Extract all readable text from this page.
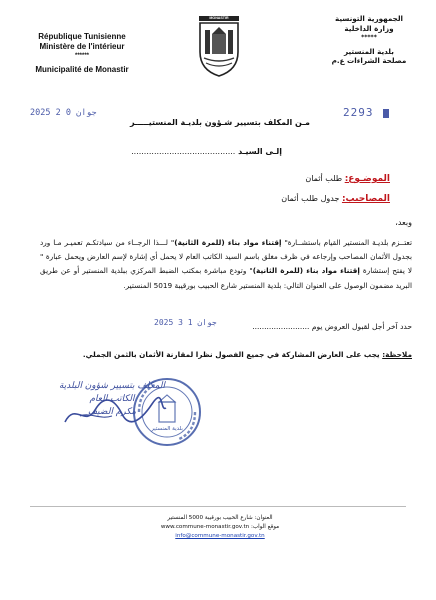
République Tunisienne
Ministère de l'intérieur
******
Municipalité de Monastir
MONASTIR	الجمهورية التونسية
وزارة الداخلية
*****
بلدية المنستير
مصلحة الشراءات ع.م
2025 جوان 0 2	2293
مـن المكلف بتسيير شـؤون بلديـة المنستيـــــر
إلـى السيـد .........................................
الموضـوع: طلب أثمان
المصاحيب: جدول طلب أثمان
وبعد،
تعتــزم بلديـة المنستير القيام باستشــارة" إقتناء مواد بناء (للمرة الثانية)" لـــذا الرجــاء من سيادتكـم تعميـر مـا ورد بجدول الأثمان المصاحب وإرجاعه في ظرف مغلق باسم السيد الكاتب العام لا يحمل أي إشارة لإسم العارض ويحمل عبارة " لا يفتح إستشارة إقتناء مواد بناء (للمرة الثانية)" وتودع مباشرة بمكتب الضبط المركزي ببلدية المنستير أو عن طريق البريد مضمون الوصول على العنوان التالي: بلدية المنستير شارع الحبيب بورقيبة 5019 المنستير.
حدد آخر أجل لقبول العروض يوم ........................
2025 جوان 1 3
ملاحظة: يجب على العارض المشاركة في جميع الفصول نظرا لمقارنة الأثمان بالثمن الجملي.
المكلف بتسيير شؤون البلدية
الكاتب العام
مكرم الضيف
بلدية المنستير
العنوان: شارع الحبيب بورقيبة 5000 المنستير
موقع الواب: www.commune-monastir.gov.tn
info@commune-monastir.gov.tn
